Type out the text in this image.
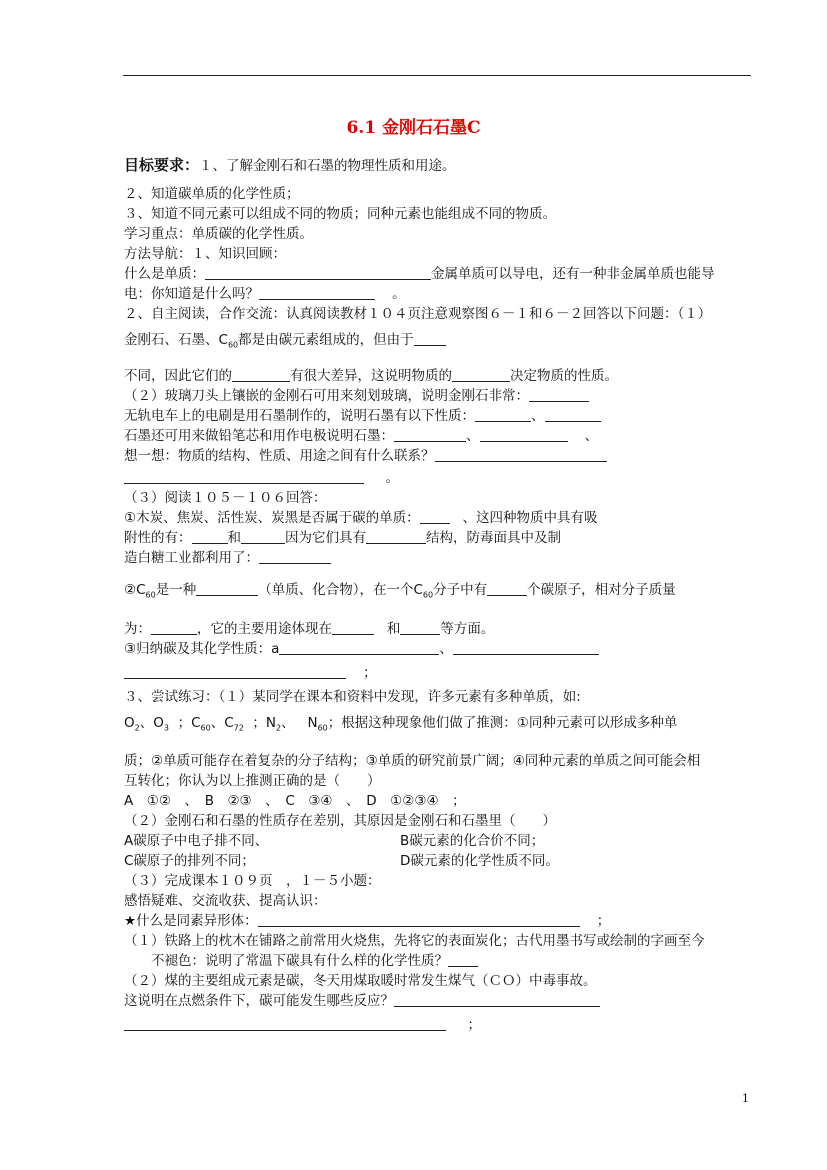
6.1 金刚石石墨C
目标要求：１、了解金刚石和石墨的物理性质和用途。
２、知道碳单质的化学性质；
３、知道不同元素可以组成不同的物质；同种元素也能组成不同的物质。
学习重点：单质碳的化学性质。
方法导航：１、知识回顾：
什么是单质：	金属单质可以导电，还有一种非金属单质也能导
电：你知道是什么吗？	。
２、自主阅读，合作交流：认真阅读教材１０４页注意观察图６－１和６－２回答以下问题：（１）
金刚石、石墨、$C_{60}$都是由碳元素组成的，但由于
不同，因此它们的	有很大差异，这说明物质的	决定物质的性质。
（２）玻璃刀头上镶嵌的金刚石可用来刻划玻璃，说明金刚石非常：
无轨电车上的电刷是用石墨制作的，说明石墨有以下性质：	、
石墨还可用来做铅笔芯和用作电极说明石墨：	、	、
想一想：物质的结构、性质、用途之间有什么联系？
。
（３）阅读１０５－１０６回答：
①木炭、焦炭、活性炭、炭黑是否属于碳的单质：	、这四种物质中具有吸
附性的有：	和	因为它们具有	结构，防毒面具中及制
造白糖工业都利用了：
$②C_{60}$是一种	（单质、化合物），在一个$C_{60}$分子中有	个碳原子，相对分子质量
为：	，它的主要用途体现在	和	等方面。
③归纳碳及其化学性质：a	、
；
３、尝试练习：（１）某同学在课本和资料中发现，许多元素有多种单质，如:
$O_2$、$O_3$ ；$C_{60}$、$C_{72}$ ；$N_2$、 $N_{60}$；根据这种现象他们做了推测：①同种元素可以形成多种单
质；②单质可能存在着复杂的分子结构；③单质的研究前景广阔；④同种元素的单质之间可能会相
互转化；你认为以上推测正确的是（　　）
A　①②　、　B　②③　、　C　③④　、　D　①②③④　；
（２）金刚石和石墨的性质存在差别，其原因是金刚石和石墨里（　　）
A碳原子中电子排不同、	B碳元素的化合价不同；
C碳原子的排列不同；	D碳元素的化学性质不同。
（３）完成课本１０９页　，１－５小题：
感悟疑难、交流收获、提高认识：
★什么是同素异形体：	；
（１）铁路上的枕木在铺路之前常用火烧焦，先将它的表面炭化；古代用墨书写或绘制的字画至今
不褪色：说明了常温下碳具有什么样的化学性质？
（２）煤的主要组成元素是碳，冬天用煤取暖时常发生煤气（ＣＯ）中毒事故。
这说明在点燃条件下，碳可能发生哪些反应？
；
1
